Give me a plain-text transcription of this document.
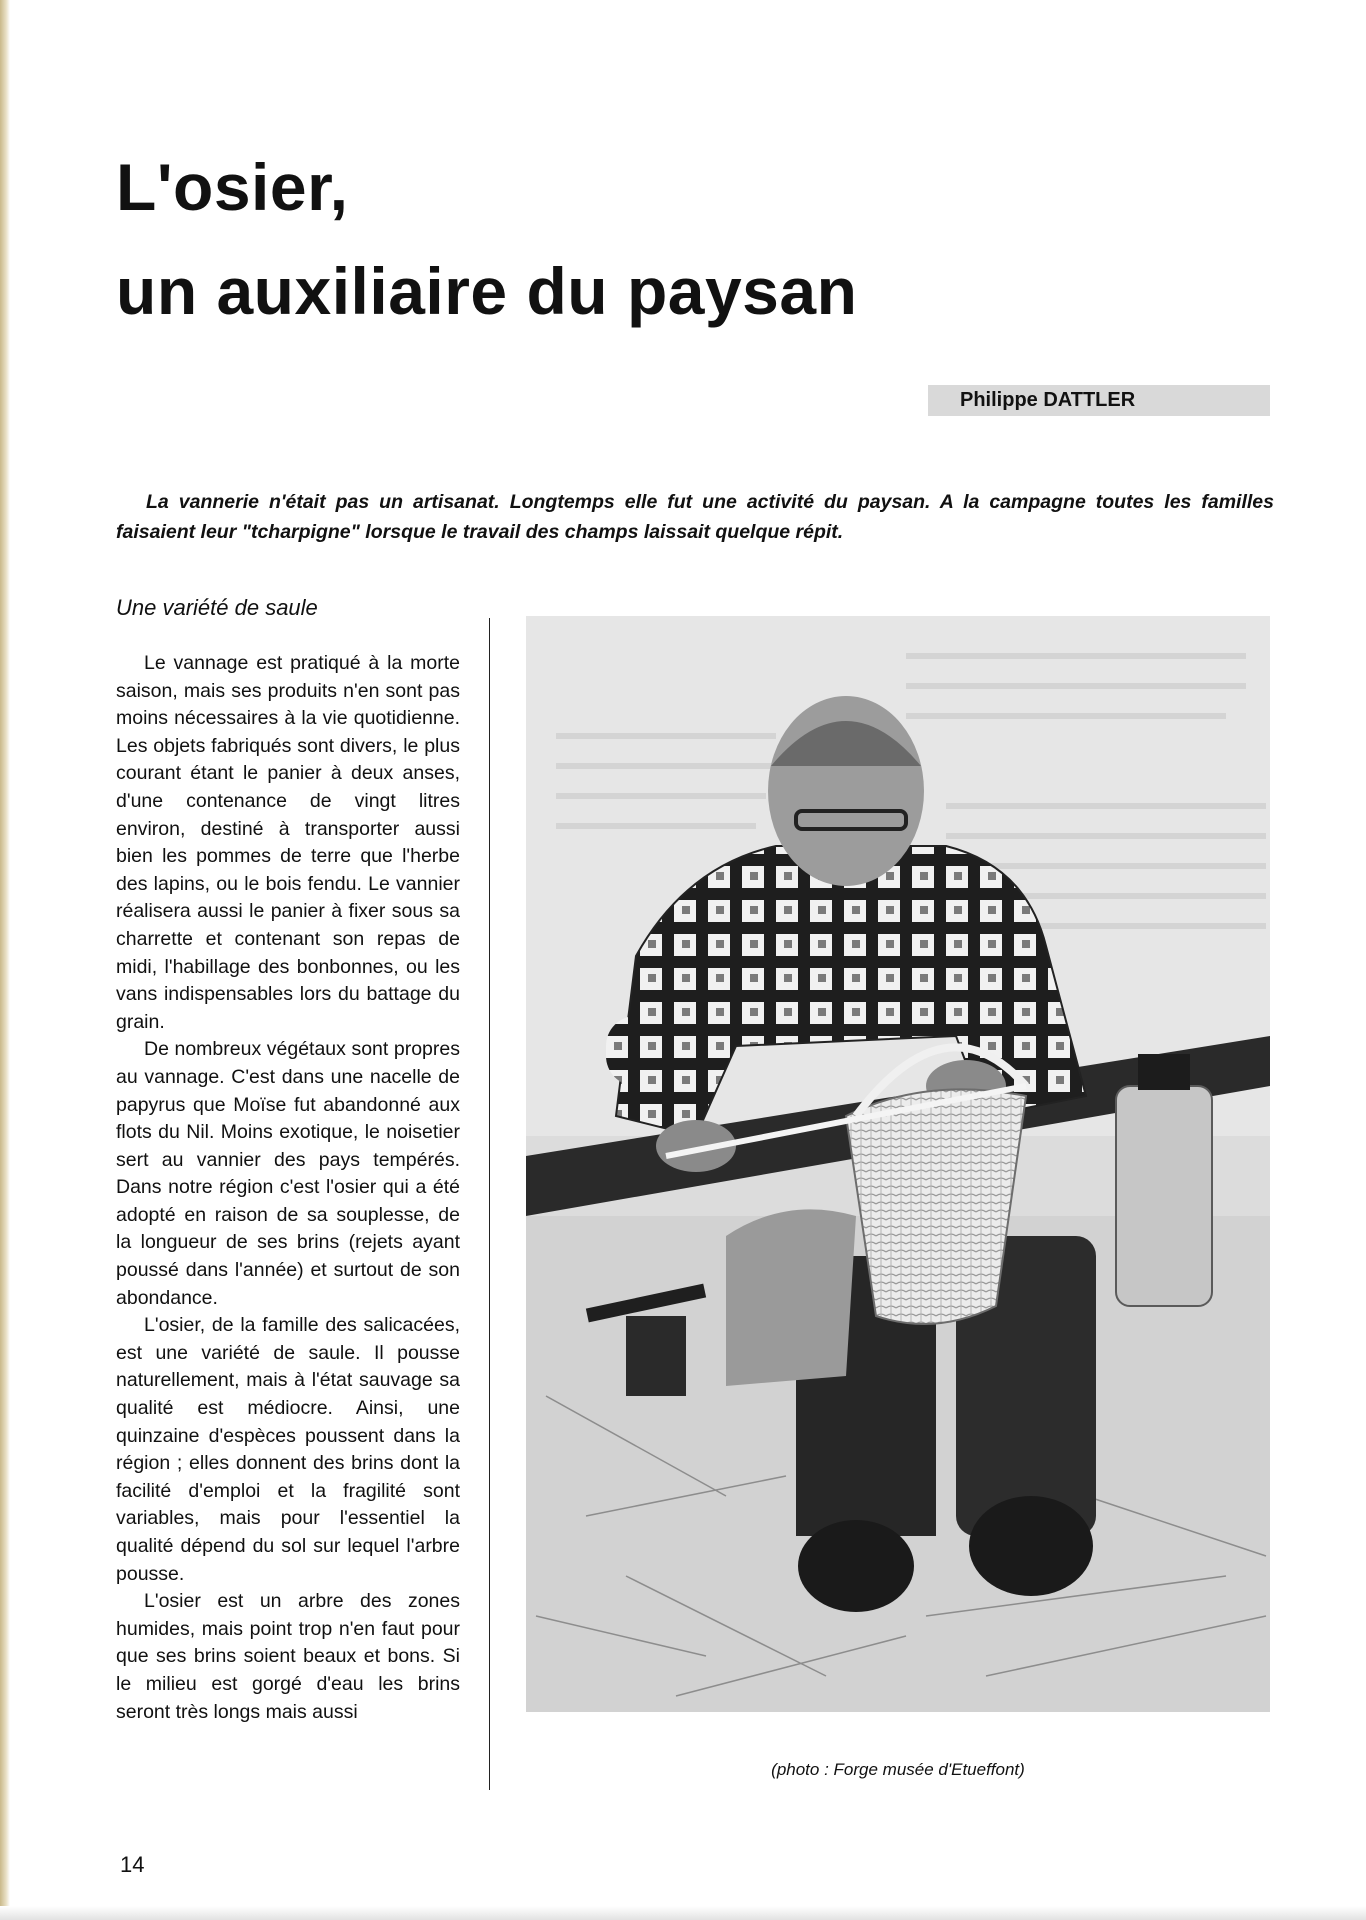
L'osier,
un auxiliaire du paysan
Philippe DATTLER

La vannerie n'était pas un artisanat. Longtemps elle fut une activité du paysan. A la campagne toutes les familles faisaient leur "tcharpigne" lorsque le travail des champs laissait quelque répit.

Une variété de saule

Le vannage est pratiqué à la morte saison, mais ses produits n'en sont pas moins nécessaires à la vie quotidienne. Les objets fabriqués sont divers, le plus courant étant le panier à deux anses, d'une contenance de vingt litres environ, destiné à transporter aussi bien les pommes de terre que l'herbe des lapins, ou le bois fendu. Le vannier réalisera aussi le panier à fixer sous sa charrette et contenant son repas de midi, l'habillage des bonbonnes, ou les vans indispensables lors du battage du grain.

De nombreux végétaux sont propres au vannage. C'est dans une nacelle de papyrus que Moïse fut abandonné aux flots du Nil. Moins exotique, le noisetier sert au vannier des pays tempérés. Dans notre région c'est l'osier qui a été adopté en raison de sa souplesse, de la longueur de ses brins (rejets ayant poussé dans l'année) et surtout de son abondance.

L'osier, de la famille des salicacées, est une variété de saule. Il pousse naturellement, mais à l'état sauvage sa qualité est médiocre. Ainsi, une quinzaine d'espèces poussent dans la région ; elles donnent des brins dont la facilité d'emploi et la fragilité sont variables, mais pour l'essentiel la qualité dépend du sol sur lequel l'arbre pousse.

L'osier est un arbre des zones humides, mais point trop n'en faut pour que ses brins soient beaux et bons. Si le milieu est gorgé d'eau les brins seront très longs mais aussi

(photo : Forge musée d'Etueffont)
14
